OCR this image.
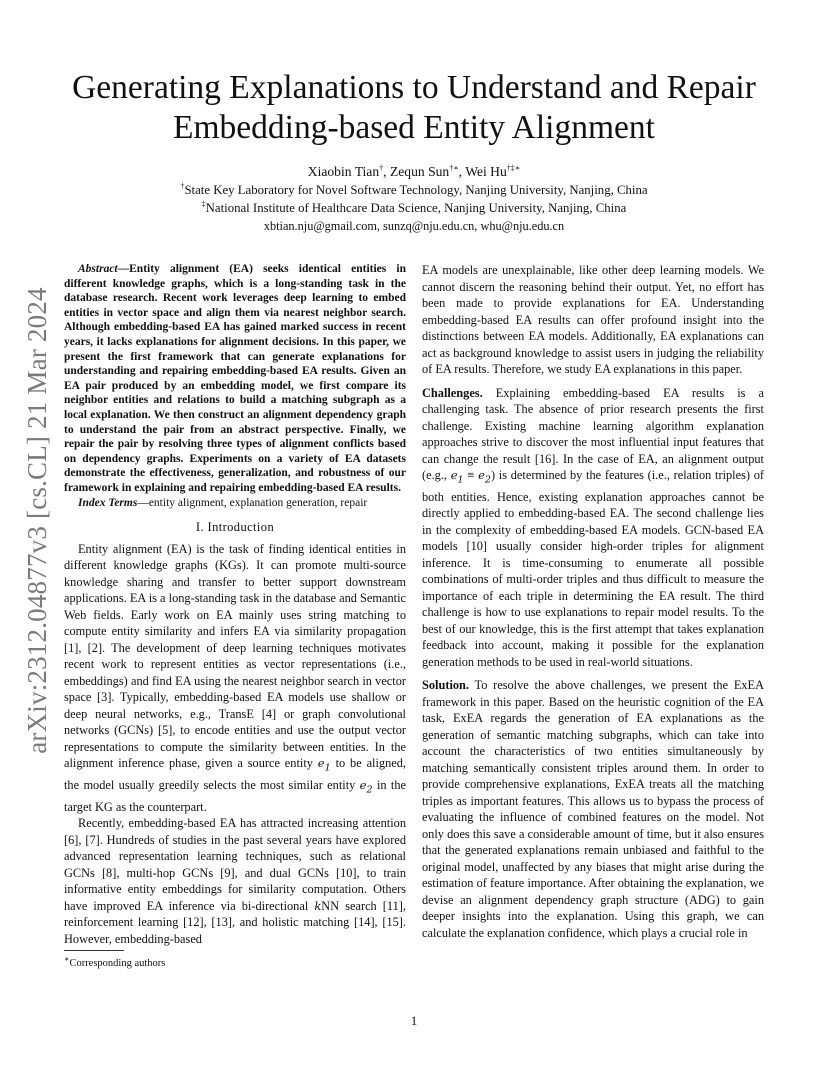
arXiv:2312.04877v3 [cs.CL] 21 Mar 2024
Generating Explanations to Understand and Repair Embedding-based Entity Alignment
Xiaobin Tian†, Zequn Sun†∗, Wei Hu†‡∗
†State Key Laboratory for Novel Software Technology, Nanjing University, Nanjing, China
‡National Institute of Healthcare Data Science, Nanjing University, Nanjing, China
xbtian.nju@gmail.com, sunzq@nju.edu.cn, whu@nju.edu.cn

Abstract—Entity alignment (EA) seeks identical entities in different knowledge graphs, which is a long-standing task in the database research. Recent work leverages deep learning to embed entities in vector space and align them via nearest neighbor search. Although embedding-based EA has gained marked success in recent years, it lacks explanations for alignment decisions. In this paper, we present the first framework that can generate explanations for understanding and repairing embedding-based EA results. Given an EA pair produced by an embedding model, we first compare its neighbor entities and relations to build a matching subgraph as a local explanation. We then construct an alignment dependency graph to understand the pair from an abstract perspective. Finally, we repair the pair by resolving three types of alignment conflicts based on dependency graphs. Experiments on a variety of EA datasets demonstrate the effectiveness, generalization, and robustness of our framework in explaining and repairing embedding-based EA results.

Index Terms—entity alignment, explanation generation, repair

I. Introduction

Entity alignment (EA) is the task of finding identical entities in different knowledge graphs (KGs). It can promote multi-source knowledge sharing and transfer to better support downstream applications. EA is a long-standing task in the database and Semantic Web fields. Early work on EA mainly uses string matching to compute entity similarity and infers EA via similarity propagation [1], [2]. The development of deep learning techniques motivates recent work to represent entities as vector representations (i.e., embeddings) and find EA using the nearest neighbor search in vector space [3]. Typically, embedding-based EA models use shallow or deep neural networks, e.g., TransE [4] or graph convolutional networks (GCNs) [5], to encode entities and use the output vector representations to compute the similarity between entities. In the alignment inference phase, given a source entity $e_1$ to be aligned, the model usually greedily selects the most similar entity $e_2$ in the target KG as the counterpart.

Recently, embedding-based EA has attracted increasing attention [6], [7]. Hundreds of studies in the past several years have explored advanced representation learning techniques, such as relational GCNs [8], multi-hop GCNs [9], and dual GCNs [10], to train informative entity embeddings for similarity computation. Others have improved EA inference via bi-directional kNN search [11], reinforcement learning [12], [13], and holistic matching [14], [15]. However, embedding-based

∗Corresponding authors

EA models are unexplainable, like other deep learning models. We cannot discern the reasoning behind their output. Yet, no effort has been made to provide explanations for EA. Understanding embedding-based EA results can offer profound insight into the distinctions between EA models. Additionally, EA explanations can act as background knowledge to assist users in judging the reliability of EA results. Therefore, we study EA explanations in this paper.

Challenges. Explaining embedding-based EA results is a challenging task. The absence of prior research presents the first challenge. Existing machine learning algorithm explanation approaches strive to discover the most influential input features that can change the result [16]. In the case of EA, an alignment output (e.g., $e_1 \equiv e_2$) is determined by the features (i.e., relation triples) of both entities. Hence, existing explanation approaches cannot be directly applied to embedding-based EA. The second challenge lies in the complexity of embedding-based EA models. GCN-based EA models [10] usually consider high-order triples for alignment inference. It is time-consuming to enumerate all possible combinations of multi-order triples and thus difficult to measure the importance of each triple in determining the EA result. The third challenge is how to use explanations to repair model results. To the best of our knowledge, this is the first attempt that takes explanation feedback into account, making it possible for the explanation generation methods to be used in real-world situations.

Solution. To resolve the above challenges, we present the ExEA framework in this paper. Based on the heuristic cognition of the EA task, ExEA regards the generation of EA explanations as the generation of semantic matching subgraphs, which can take into account the characteristics of two entities simultaneously by matching semantically consistent triples around them. In order to provide comprehensive explanations, ExEA treats all the matching triples as important features. This allows us to bypass the process of evaluating the influence of combined features on the model. Not only does this save a considerable amount of time, but it also ensures that the generated explanations remain unbiased and faithful to the original model, unaffected by any biases that might arise during the estimation of feature importance. After obtaining the explanation, we devise an alignment dependency graph structure (ADG) to gain deeper insights into the explanation. Using this graph, we can calculate the explanation confidence, which plays a crucial role in

1
